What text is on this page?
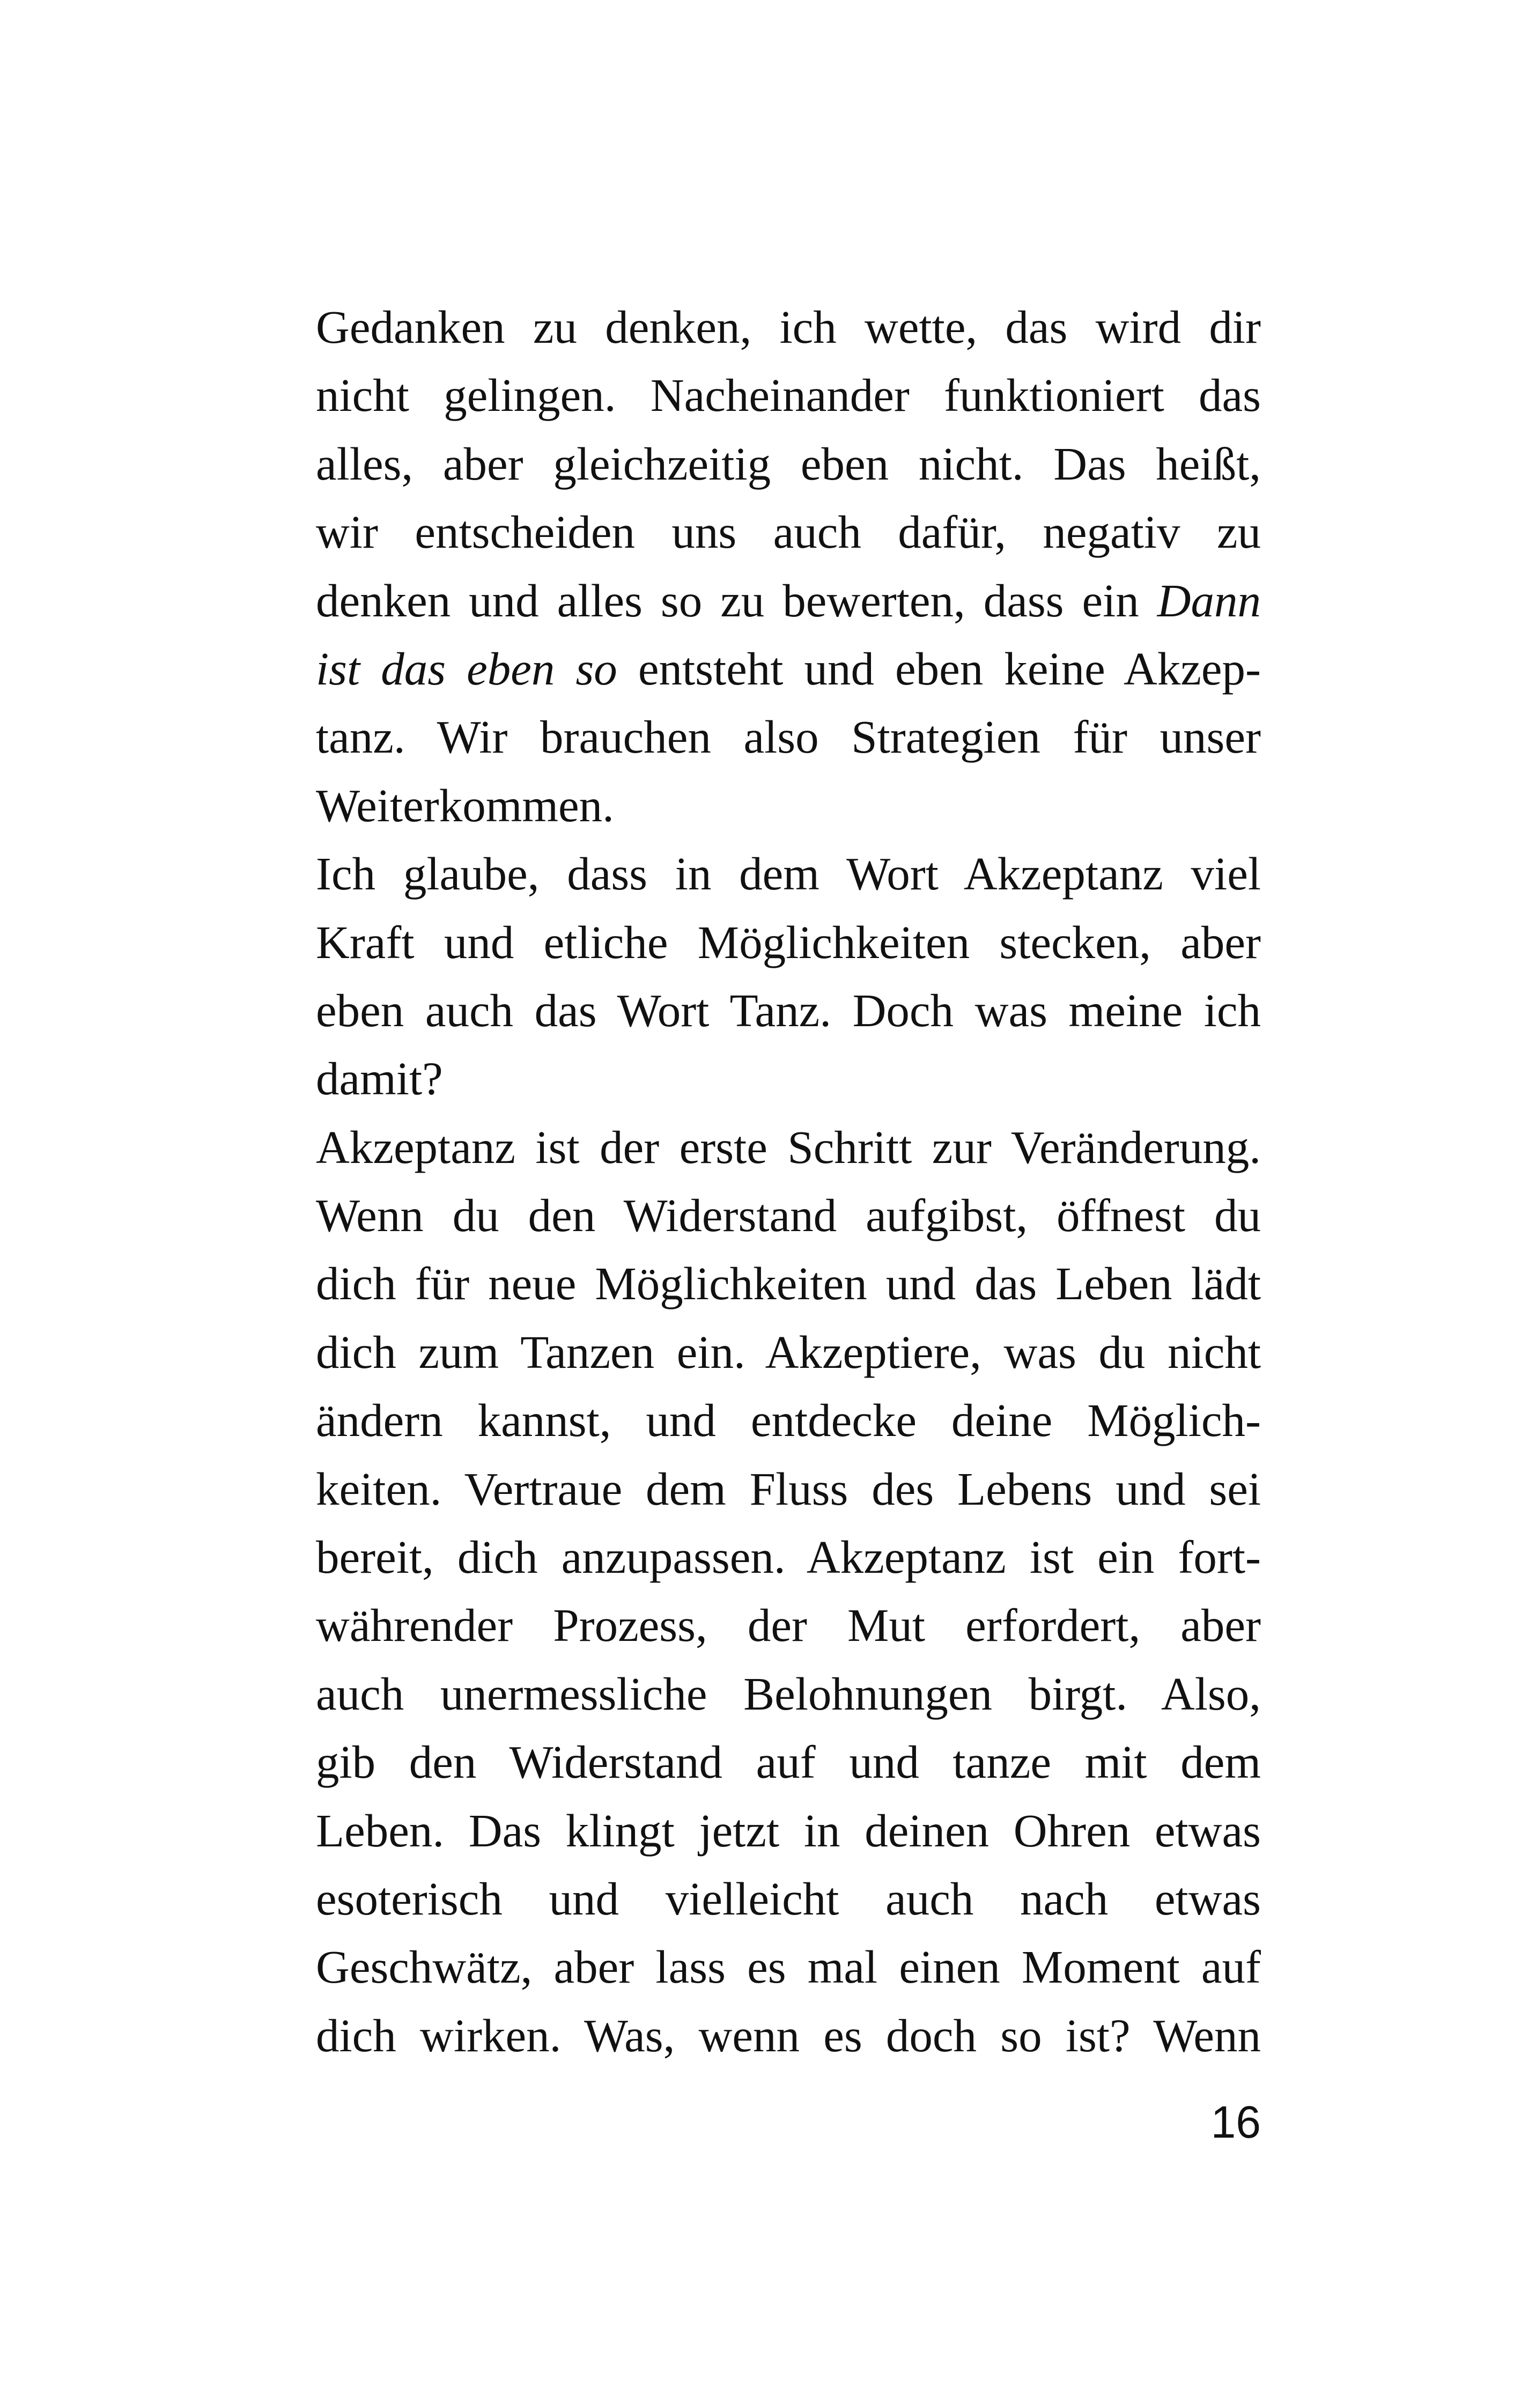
Gedanken zu denken, ich wette, das wird dir
nicht gelingen. Nacheinander funktioniert das
alles, aber gleichzeitig eben nicht. Das heißt,
wir entscheiden uns auch dafür, negativ zu
denken und alles so zu bewerten, dass ein Dann
ist das eben so entsteht und eben keine Akzep-
tanz. Wir brauchen also Strategien für unser
Weiterkommen.
Ich glaube, dass in dem Wort Akzeptanz viel
Kraft und etliche Möglichkeiten stecken, aber
eben auch das Wort Tanz. Doch was meine ich
damit?
Akzeptanz ist der erste Schritt zur Veränderung.
Wenn du den Widerstand aufgibst, öffnest du
dich für neue Möglichkeiten und das Leben lädt
dich zum Tanzen ein. Akzeptiere, was du nicht
ändern kannst, und entdecke deine Möglich-
keiten. Vertraue dem Fluss des Lebens und sei
bereit, dich anzupassen. Akzeptanz ist ein fort-
währender Prozess, der Mut erfordert, aber
auch unermessliche Belohnungen birgt. Also,
gib den Widerstand auf und tanze mit dem
Leben. Das klingt jetzt in deinen Ohren etwas
esoterisch und vielleicht auch nach etwas
Geschwätz, aber lass es mal einen Moment auf
dich wirken. Was, wenn es doch so ist? Wenn
16
